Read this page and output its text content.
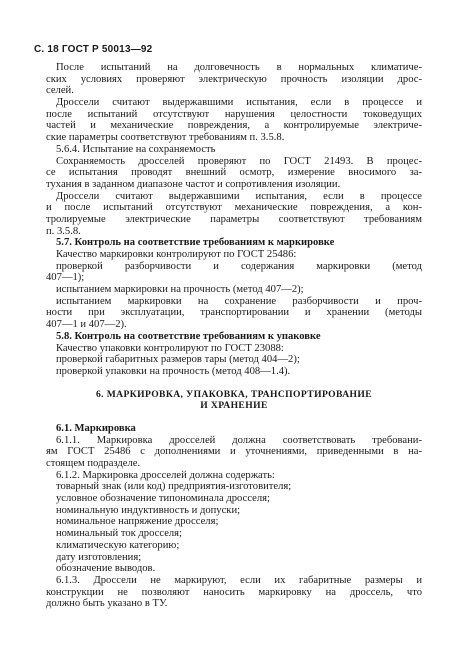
С. 18 ГОСТ Р 50013—92
После испытаний на долговечность в нормальных климатиче-
ских условиях проверяют электрическую прочность изоляции дрос-
селей.
Дроссели считают выдержавшими испытания, если в процессе и
после испытаний отсутствуют нарушения целостности токоведущих
частей и механические повреждения, а контролируемые электриче-
ские параметры соответствуют требованиям п. 3.5.8.
5.6.4. Испытание на сохраняемость
Сохраняемость дросселей проверяют по ГОСТ 21493. В процес-
се испытания проводят внешний осмотр, измерение вносимого за-
тухания в заданном диапазоне частот и сопротивления изоляции.
Дроссели считают выдержавшими испытания, если в процессе
и после испытаний отсутствуют механические повреждения, а кон-
тролируемые электрические параметры соответствуют требованиям
п. 3.5.8.
5.7. Контроль на соответствие требованиям к маркировке
Качество маркировки контролируют по ГОСТ 25486:
проверкой разборчивости и содержания маркировки (метод
407—1);
испытанием маркировки на прочность (метод 407—2);
испытанием маркировки на сохранение разборчивости и проч-
ности при эксплуатации, транспортировании и хранении (методы
407—1 и 407—2).
5.8. Контроль на соответствие требованиям к упаковке
Качество упаковки контролируют по ГОСТ 23088:
проверкой габаритных размеров тары (метод 404—2);
проверкой упаковки на прочность (метод 408—1.4).
6. МАРКИРОВКА, УПАКОВКА, ТРАНСПОРТИРОВАНИЕ
И ХРАНЕНИЕ
6.1. Маркировка
6.1.1. Маркировка дросселей должна соответствовать требовани-
ям ГОСТ 25486 с дополнениями и уточнениями, приведенными в на-
стоящем подразделе.
6.1.2. Маркировка дросселей должна содержать:
товарный знак (или код) предприятия-изготовителя;
условное обозначение типономинала дросселя;
номинальную индуктивность и допуски;
номинальное напряжение дросселя;
номинальный ток дросселя;
климатическую категорию;
дату изготовления;
обозначение выводов.
6.1.3. Дроссели не маркируют, если их габаритные размеры и
конструкции не позволяют наносить маркировку на дроссель, что
должно быть указано в ТУ.
